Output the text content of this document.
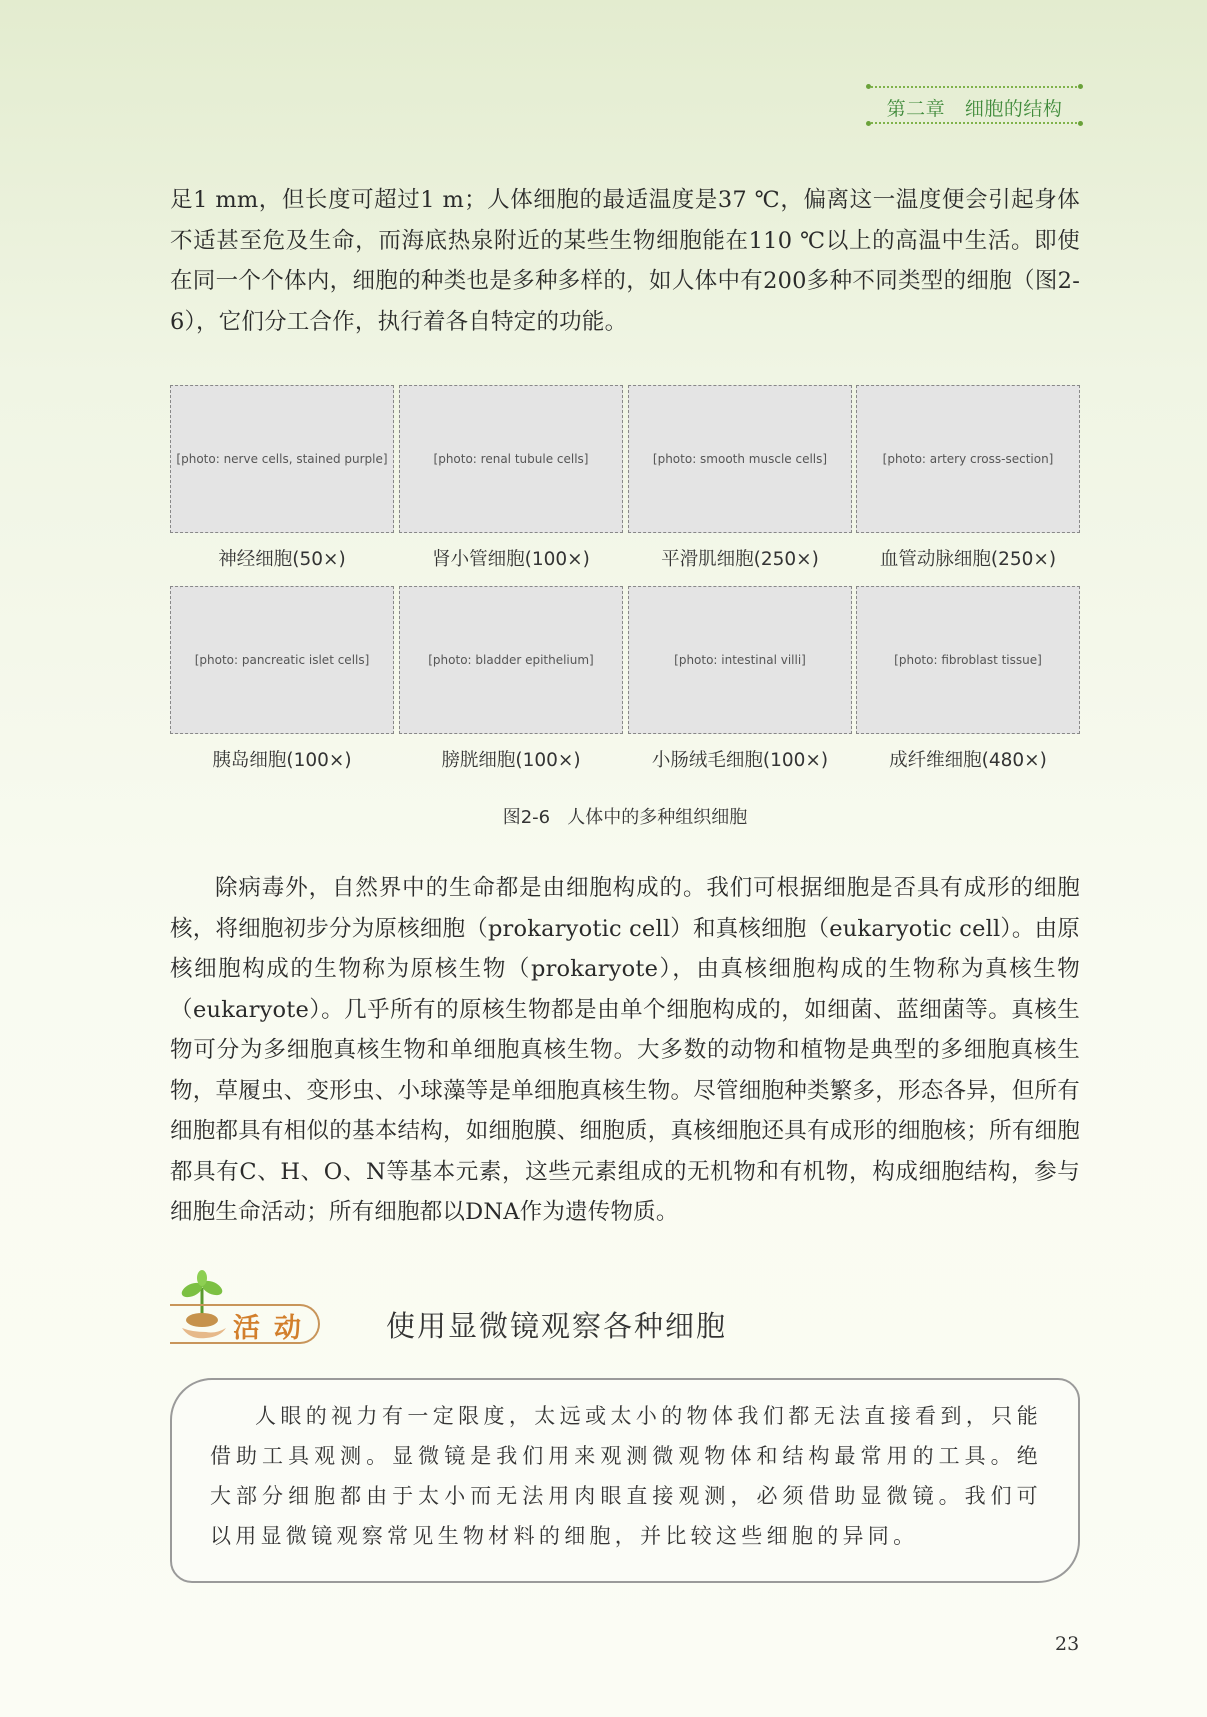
第二章 细胞的结构
足1 mm，但长度可超过1 m；人体细胞的最适温度是37 ℃，偏离这一温度便会引起身体不适甚至危及生命，而海底热泉附近的某些生物细胞能在110 ℃以上的高温中生活。即使在同一个个体内，细胞的种类也是多种多样的，如人体中有200多种不同类型的细胞（图2-6），它们分工合作，执行着各自特定的功能。
[photo: nerve cells, stained purple]
神经细胞(50×)
[photo: renal tubule cells]
肾小管细胞(100×)
[photo: smooth muscle cells]
平滑肌细胞(250×)
[photo: artery cross-section]
血管动脉细胞(250×)
[photo: pancreatic islet cells]
胰岛细胞(100×)
[photo: bladder epithelium]
膀胱细胞(100×)
[photo: intestinal villi]
小肠绒毛细胞(100×)
[photo: fibroblast tissue]
成纤维细胞(480×)
图2-6 人体中的多种组织细胞
除病毒外，自然界中的生命都是由细胞构成的。我们可根据细胞是否具有成形的细胞核，将细胞初步分为原核细胞（prokaryotic cell）和真核细胞（eukaryotic cell）。由原核细胞构成的生物称为原核生物（prokaryote），由真核细胞构成的生物称为真核生物（eukaryote）。几乎所有的原核生物都是由单个细胞构成的，如细菌、蓝细菌等。真核生物可分为多细胞真核生物和单细胞真核生物。大多数的动物和植物是典型的多细胞真核生物，草履虫、变形虫、小球藻等是单细胞真核生物。尽管细胞种类繁多，形态各异，但所有细胞都具有相似的基本结构，如细胞膜、细胞质，真核细胞还具有成形的细胞核；所有细胞都具有C、H、O、N等基本元素，这些元素组成的无机物和有机物，构成细胞结构，参与细胞生命活动；所有细胞都以DNA作为遗传物质。
活动 使用显微镜观察各种细胞
人眼的视力有一定限度，太远或太小的物体我们都无法直接看到，只能借助工具观测。显微镜是我们用来观测微观物体和结构最常用的工具。绝大部分细胞都由于太小而无法用肉眼直接观测，必须借助显微镜。我们可以用显微镜观察常见生物材料的细胞，并比较这些细胞的异同。
23
